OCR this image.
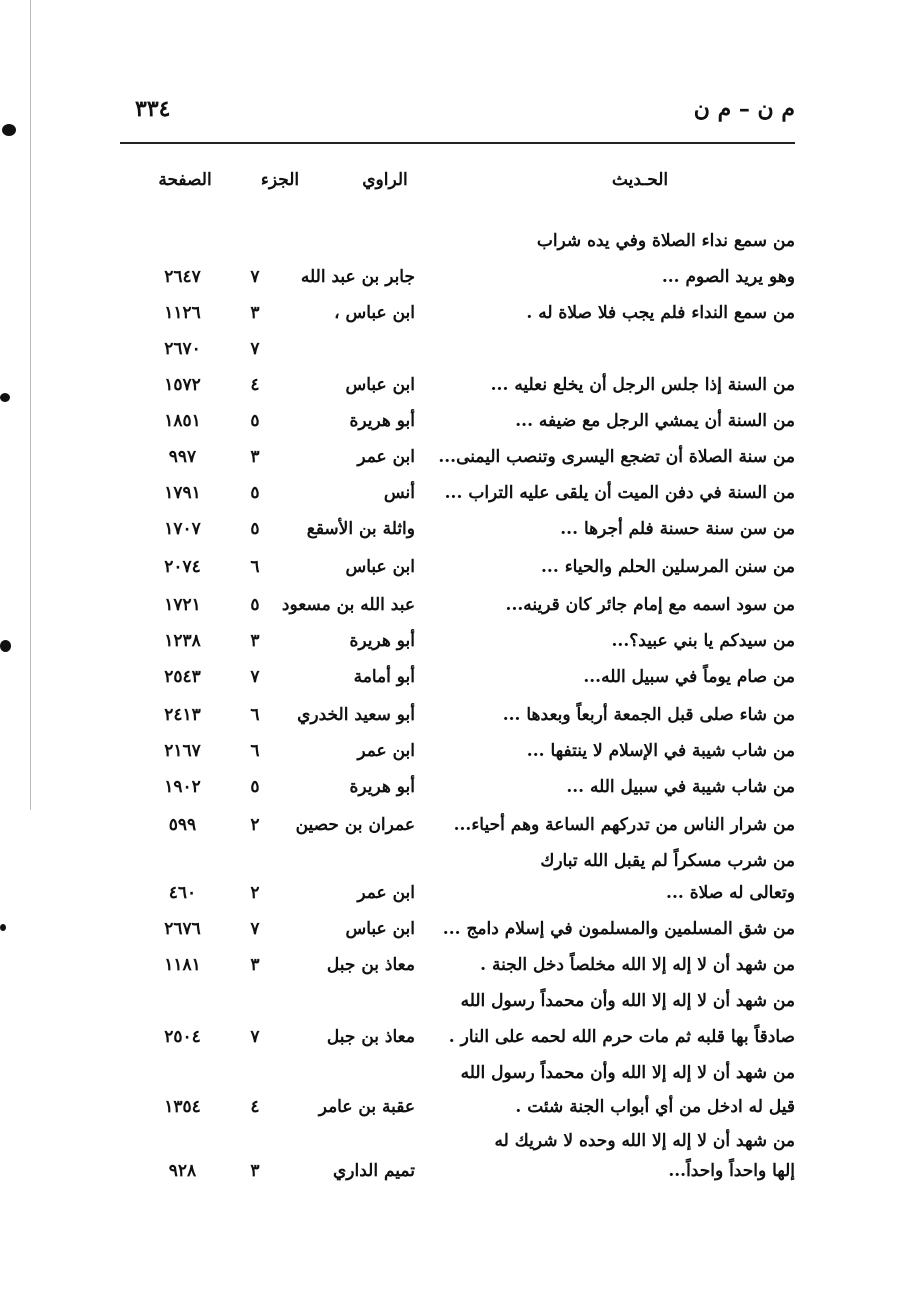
م ن – م ن
٣٣٤
الحـديث
الراوي
الجزء
الصفحة
من سمع نداء الصلاة وفي يده شراب
وهو يريد الصوم ...
جابر بن عبد الله
٧
٢٦٤٧
من سمع النداء فلم يجب فلا صلاة له .
ابن عباس ،
٣
١١٢٦
٧
٢٦٧٠
من السنة إذا جلس الرجل أن يخلع نعليه ...
ابن عباس
٤
١٥٧٢
من السنة أن يمشي الرجل مع ضيفه ...
أبو هريرة
٥
١٨٥١
من سنة الصلاة أن تضجع اليسرى وتنصب اليمنى...
ابن عمر
٣
٩٩٧
من السنة في دفن الميت أن يلقى عليه التراب ...
أنس
٥
١٧٩١
من سن سنة حسنة فلم أجرها ...
واثلة بن الأسقع
٥
١٧٠٧
من سنن المرسلين الحلم والحياء ...
ابن عباس
٦
٢٠٧٤
من سود اسمه مع إمام جائر كان قرينه...
عبد الله بن مسعود
٥
١٧٢١
من سيدكم يا بني عبيد؟...
أبو هريرة
٣
١٢٣٨
من صام يوماً في سبيل الله...
أبو أمامة
٧
٢٥٤٣
من شاء صلى قبل الجمعة أربعاً وبعدها ...
أبو سعيد الخدري
٦
٢٤١٣
من شاب شيبة في الإسلام لا ينتفها ...
ابن عمر
٦
٢١٦٧
من شاب شيبة في سبيل الله ...
أبو هريرة
٥
١٩٠٢
من شرار الناس من تدركهم الساعة وهم أحياء...
عمران بن حصين
٢
٥٩٩
من شرب مسكراً لم يقبل الله تبارك
وتعالى له صلاة ...
ابن عمر
٢
٤٦٠
من شق المسلمين والمسلمون في إسلام دامج ...
ابن عباس
٧
٢٦٧٦
من شهد أن لا إله إلا الله مخلصاً دخل الجنة .
معاذ بن جبل
٣
١١٨١
من شهد أن لا إله إلا الله وأن محمداً رسول الله
صادقاً بها قلبه ثم مات حرم الله لحمه على النار .
معاذ بن جبل
٧
٢٥٠٤
من شهد أن لا إله إلا الله وأن محمداً رسول الله
قيل له ادخل من أي أبواب الجنة شئت .
عقبة بن عامر
٤
١٣٥٤
من شهد أن لا إله إلا الله وحده لا شريك له
إلها واحداً واحداً...
تميم الداري
٣
٩٢٨
